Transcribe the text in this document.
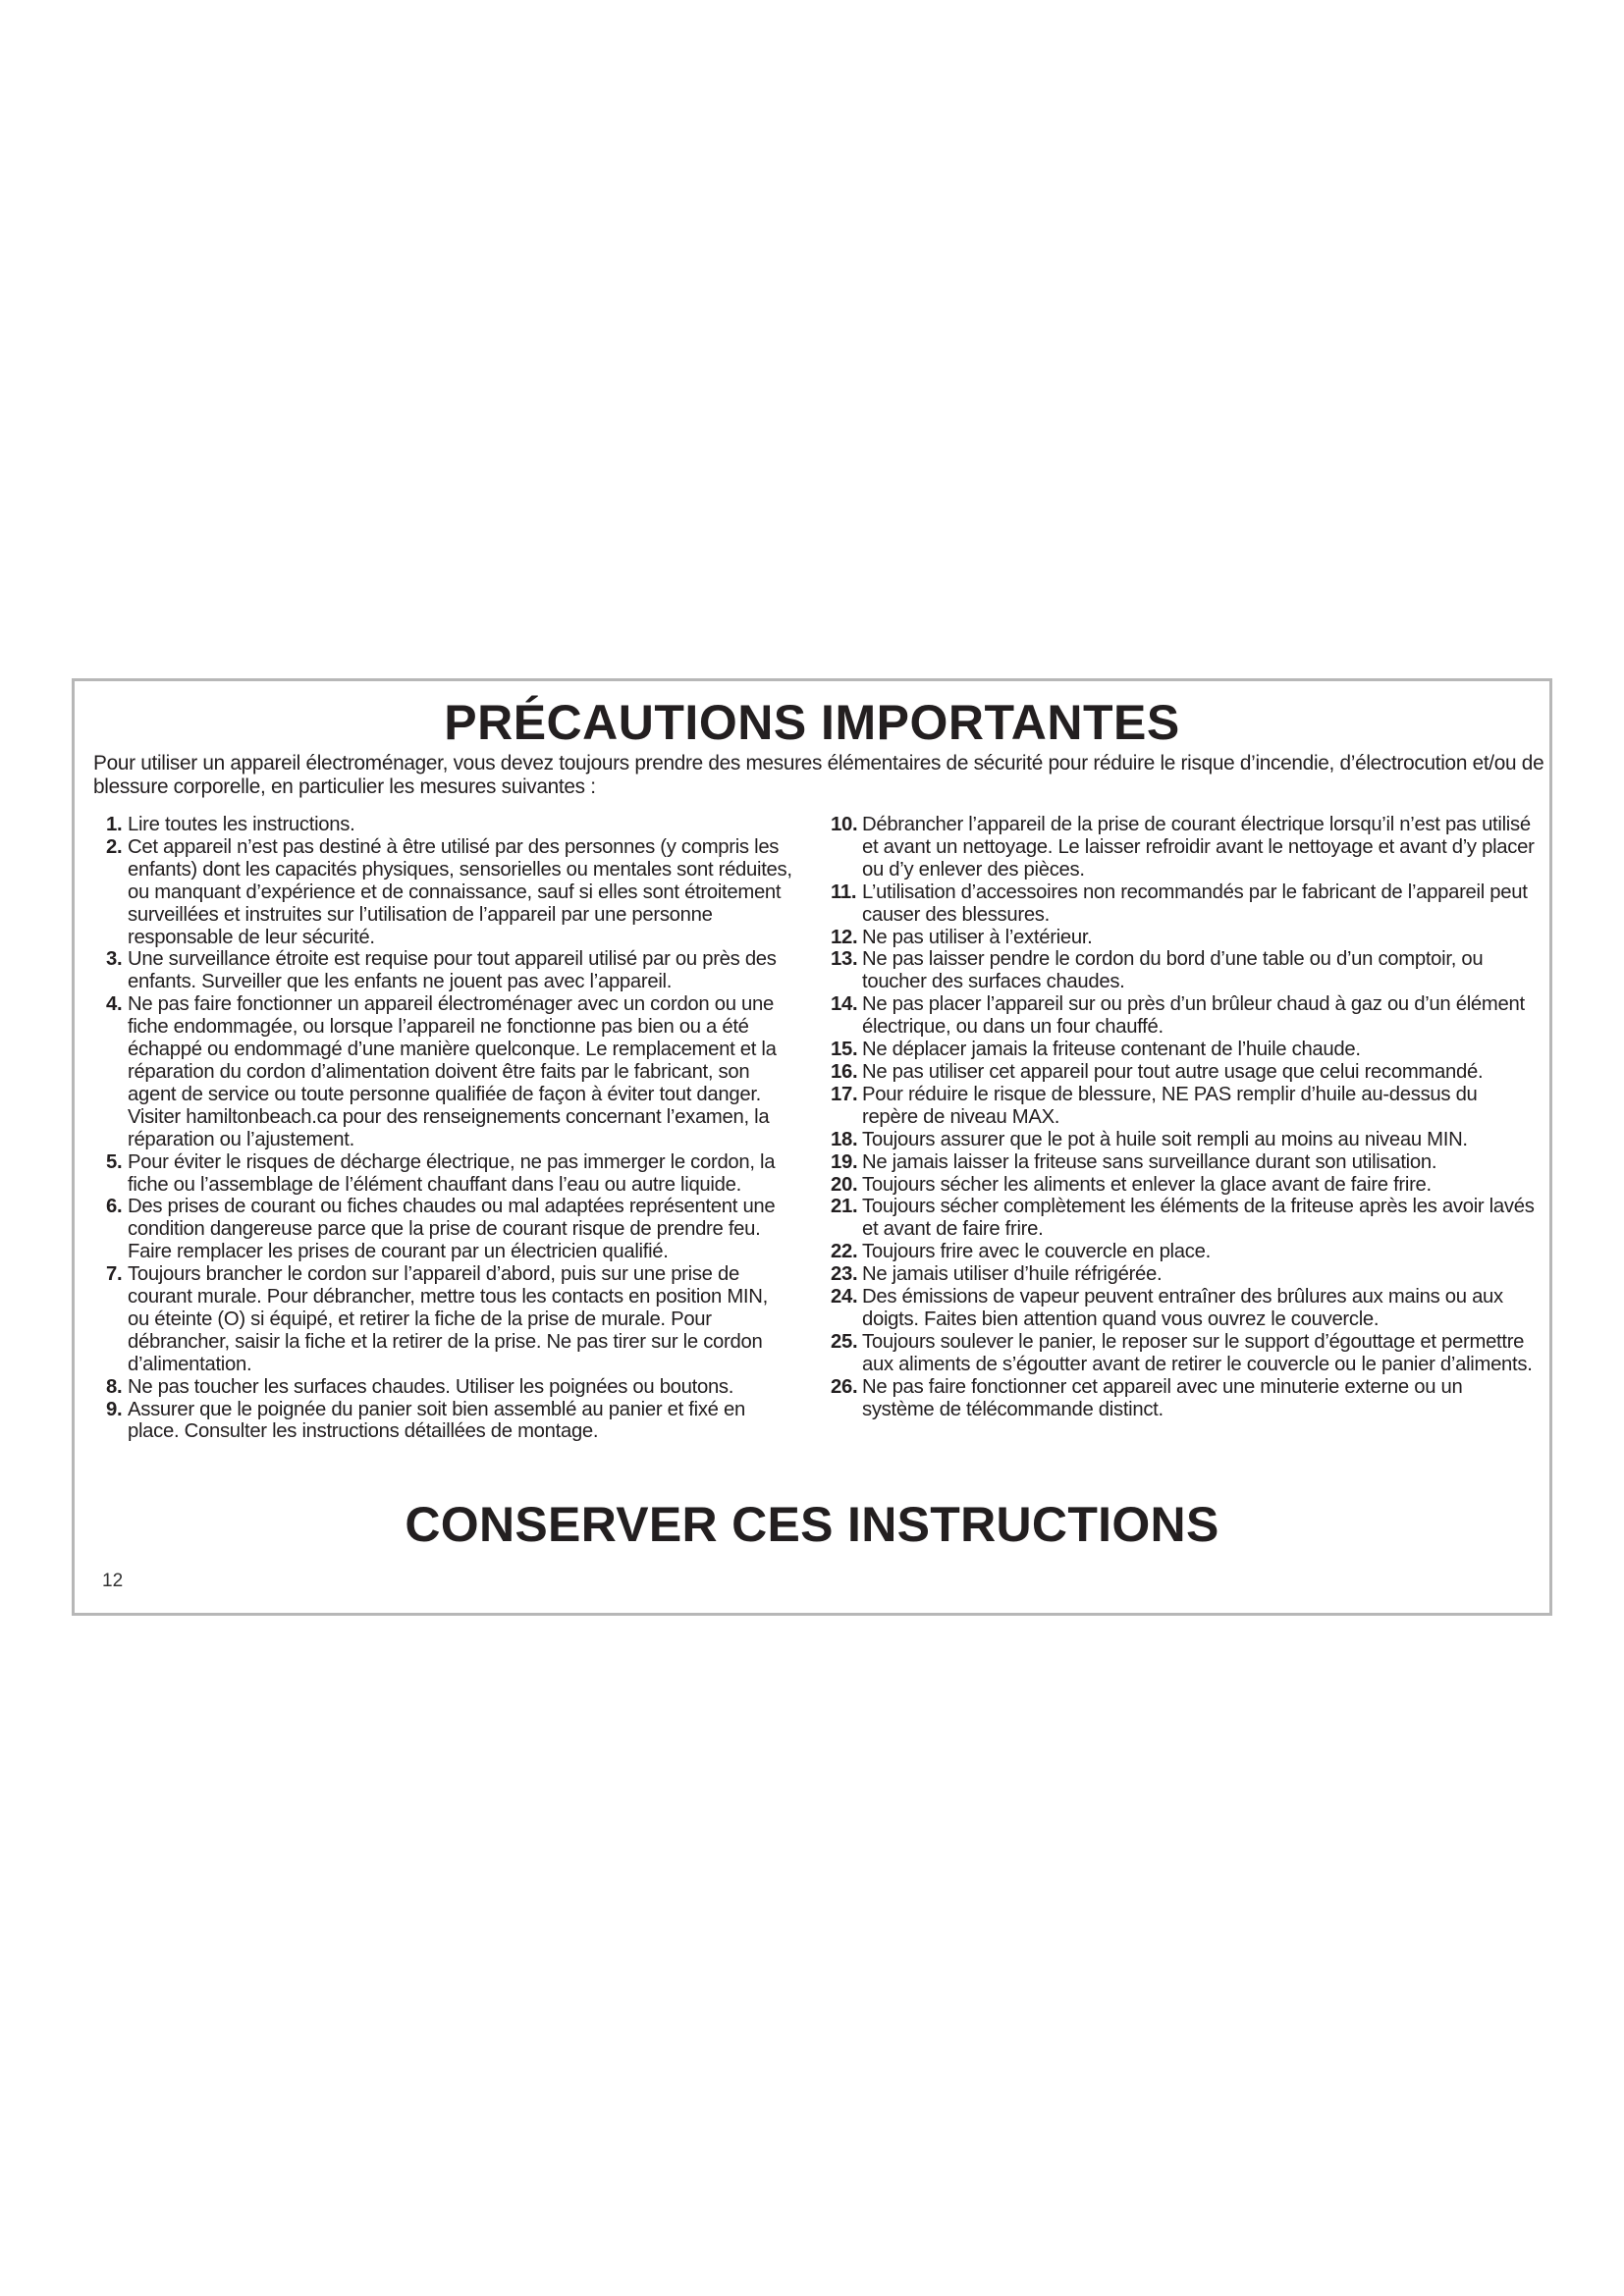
PRÉCAUTIONS IMPORTANTES
Pour utiliser un appareil électroménager, vous devez toujours prendre des mesures élémentaires de sécurité pour réduire le risque d’incendie, d’électrocution et/ou de blessure corporelle, en particulier les mesures suivantes :
1. Lire toutes les instructions.
2. Cet appareil n’est pas destiné à être utilisé par des personnes (y compris les enfants) dont les capacités physiques, sensorielles ou mentales sont réduites, ou manquant d’expérience et de connaissance, sauf si elles sont étroitement surveillées et instruites sur l’utilisation de l’appareil par une personne responsable de leur sécurité.
3. Une surveillance étroite est requise pour tout appareil utilisé par ou près des enfants. Surveiller que les enfants ne jouent pas avec l’appareil.
4. Ne pas faire fonctionner un appareil électroménager avec un cordon ou une fiche endommagée, ou lorsque l’appareil ne fonctionne pas bien ou a été échappé ou endommagé d’une manière quelconque. Le remplacement et la réparation du cordon d’alimentation doivent être faits par le fabricant, son agent de service ou toute personne qualifiée de façon à éviter tout danger. Visiter hamiltonbeach.ca pour des renseignements concernant l’examen, la réparation ou l’ajustement.
5. Pour éviter le risques de décharge électrique, ne pas immerger le cordon, la fiche ou l’assemblage de l’élément chauffant dans l’eau ou autre liquide.
6. Des prises de courant ou fiches chaudes ou mal adaptées représentent une condition dangereuse parce que la prise de courant risque de prendre feu. Faire remplacer les prises de courant par un électricien qualifié.
7. Toujours brancher le cordon sur l’appareil d’abord, puis sur une prise de courant murale. Pour débrancher, mettre tous les contacts en position MIN, ou éteinte (O) si équipé, et retirer la fiche de la prise de murale. Pour débrancher, saisir la fiche et la retirer de la prise. Ne pas tirer sur le cordon d’alimentation.
8. Ne pas toucher les surfaces chaudes. Utiliser les poignées ou boutons.
9. Assurer que le poignée du panier soit bien assemblé au panier et fixé en place. Consulter les instructions détaillées de montage.
10. Débrancher l’appareil de la prise de courant électrique lorsqu’il n’est pas utilisé et avant un nettoyage. Le laisser refroidir avant le nettoyage et avant d’y placer ou d’y enlever des pièces.
11. L’utilisation d’accessoires non recommandés par le fabricant de l’appareil peut causer des blessures.
12. Ne pas utiliser à l’extérieur.
13. Ne pas laisser pendre le cordon du bord d’une table ou d’un comptoir, ou toucher des surfaces chaudes.
14. Ne pas placer l’appareil sur ou près d’un brûleur chaud à gaz ou d’un élément électrique, ou dans un four chauffé.
15. Ne déplacer jamais la friteuse contenant de l’huile chaude.
16. Ne pas utiliser cet appareil pour tout autre usage que celui recommandé.
17. Pour réduire le risque de blessure, NE PAS remplir d’huile au-dessus du repère de niveau MAX.
18. Toujours assurer que le pot à huile soit rempli au moins au niveau MIN.
19. Ne jamais laisser la friteuse sans surveillance durant son utilisation.
20. Toujours sécher les aliments et enlever la glace avant de faire frire.
21. Toujours sécher complètement les éléments de la friteuse après les avoir lavés et avant de faire frire.
22. Toujours frire avec le couvercle en place.
23. Ne jamais utiliser d’huile réfrigérée.
24. Des émissions de vapeur peuvent entraîner des brûlures aux mains ou aux doigts. Faites bien attention quand vous ouvrez le couvercle.
25. Toujours soulever le panier, le reposer sur le support d’égouttage et permettre aux aliments de s’égoutter avant de retirer le couvercle ou le panier d’aliments.
26. Ne pas faire fonctionner cet appareil avec une minuterie externe ou un système de télécommande distinct.
CONSERVER CES INSTRUCTIONS
12
